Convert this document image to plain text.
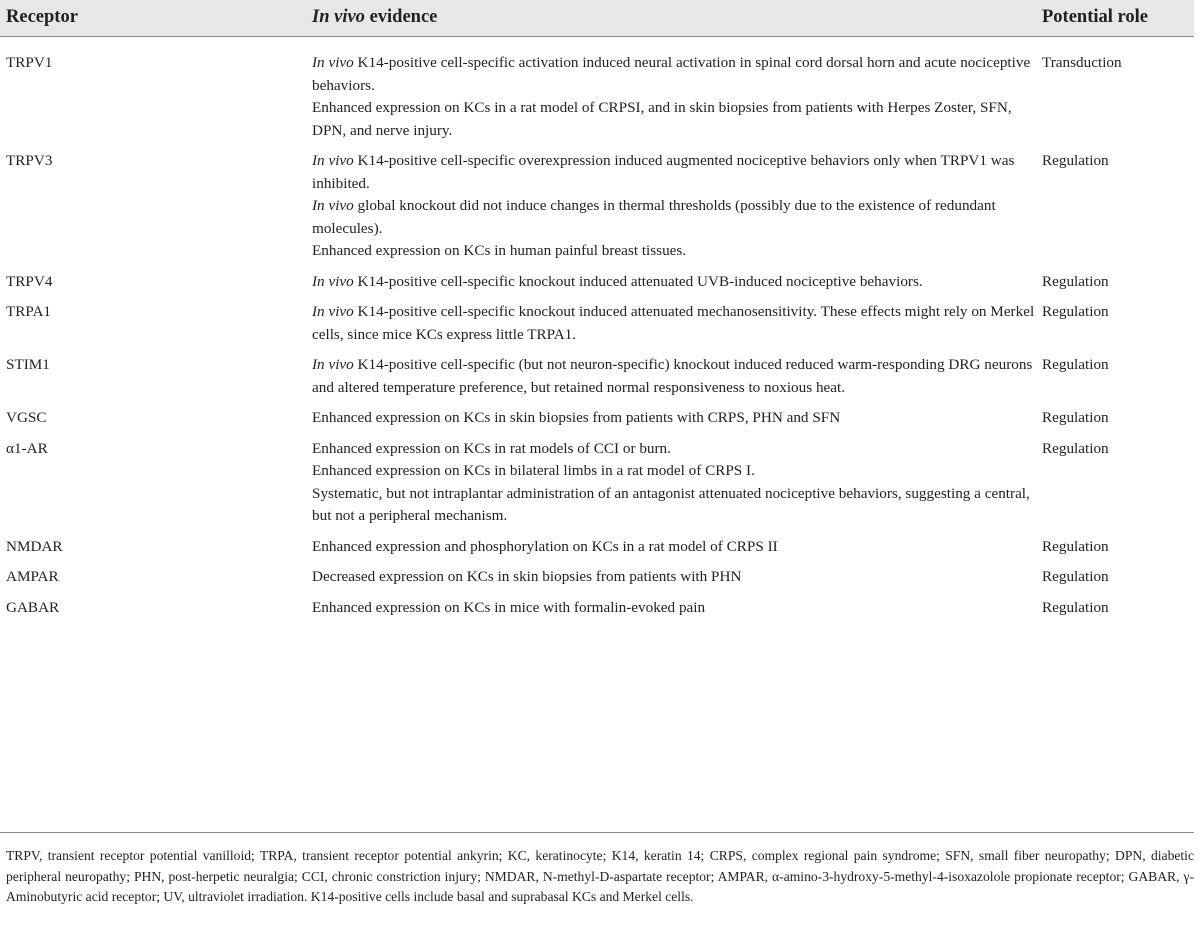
Receptor	In vivo evidence	Potential role
TRPV1	In vivo K14-positive cell-specific activation induced neural activation in spinal cord dorsal horn and acute nociceptive behaviors.
Enhanced expression on KCs in a rat model of CRPSI, and in skin biopsies from patients with Herpes Zoster, SFN, DPN, and nerve injury.	Transduction
TRPV3	In vivo K14-positive cell-specific overexpression induced augmented nociceptive behaviors only when TRPV1 was inhibited.
In vivo global knockout did not induce changes in thermal thresholds (possibly due to the existence of redundant molecules).
Enhanced expression on KCs in human painful breast tissues.	Regulation
TRPV4	In vivo K14-positive cell-specific knockout induced attenuated UVB-induced nociceptive behaviors.	Regulation
TRPA1	In vivo K14-positive cell-specific knockout induced attenuated mechanosensitivity. These effects might rely on Merkel cells, since mice KCs express little TRPA1.	Regulation
STIM1	In vivo K14-positive cell-specific (but not neuron-specific) knockout induced reduced warm-responding DRG neurons and altered temperature preference, but retained normal responsiveness to noxious heat.	Regulation
VGSC	Enhanced expression on KCs in skin biopsies from patients with CRPS, PHN and SFN	Regulation
α1-AR	Enhanced expression on KCs in rat models of CCI or burn.
Enhanced expression on KCs in bilateral limbs in a rat model of CRPS I.
Systematic, but not intraplantar administration of an antagonist attenuated nociceptive behaviors, suggesting a central, but not a peripheral mechanism.	Regulation
NMDAR	Enhanced expression and phosphorylation on KCs in a rat model of CRPS II	Regulation
AMPAR	Decreased expression on KCs in skin biopsies from patients with PHN	Regulation
GABAR	Enhanced expression on KCs in mice with formalin-evoked pain	Regulation
TRPV, transient receptor potential vanilloid; TRPA, transient receptor potential ankyrin; KC, keratinocyte; K14, keratin 14; CRPS, complex regional pain syndrome; SFN, small fiber neuropathy; DPN, diabetic peripheral neuropathy; PHN, post-herpetic neuralgia; CCI, chronic constriction injury; NMDAR, N-methyl-D-aspartate receptor; AMPAR, α-amino-3-hydroxy-5-methyl-4-isoxazolole propionate receptor; GABAR, γ-Aminobutyric acid receptor; UV, ultraviolet irradiation. K14-positive cells include basal and suprabasal KCs and Merkel cells.
